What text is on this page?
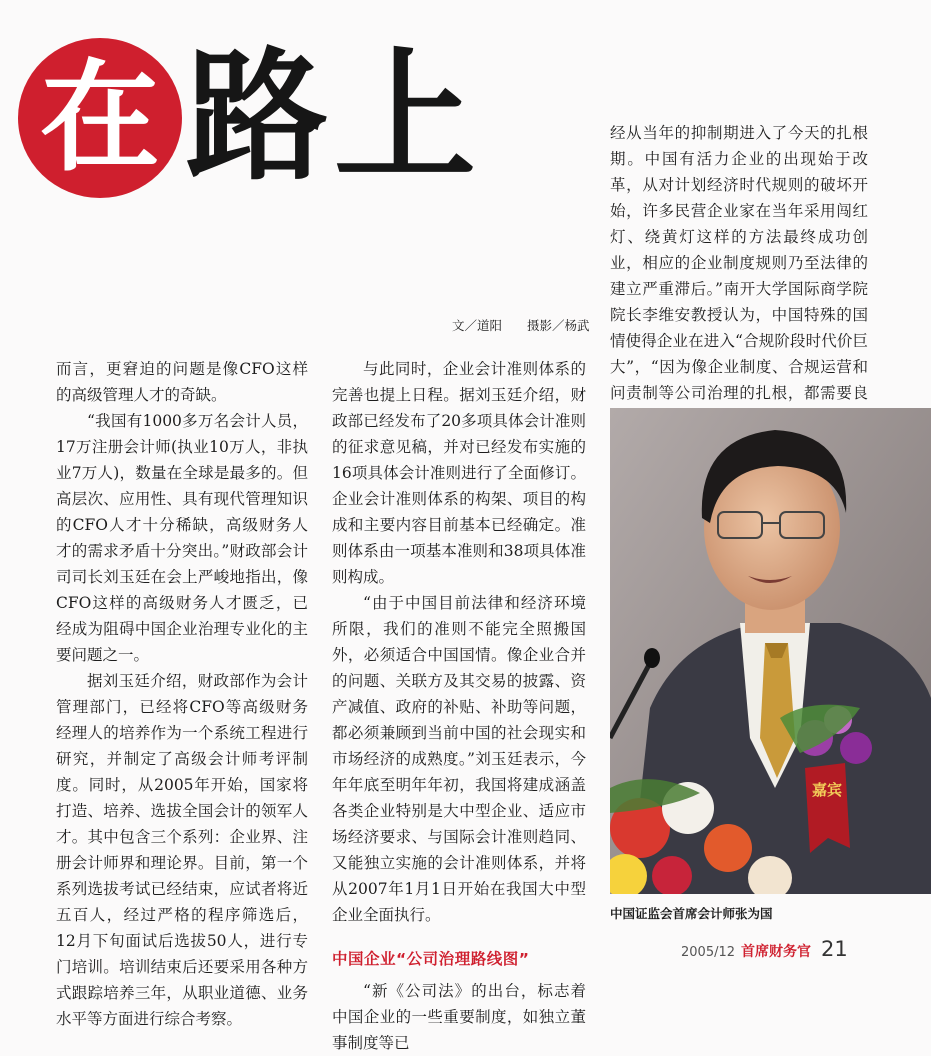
在 路上
文／道阳　　摄影／杨武

而言，更窘迫的问题是像CFO这样的高级管理人才的奇缺。

“我国有1000多万名会计人员，17万注册会计师(执业10万人，非执业7万人)，数量在全球是最多的。但高层次、应用性、具有现代管理知识的CFO人才十分稀缺，高级财务人才的需求矛盾十分突出。”财政部会计司司长刘玉廷在会上严峻地指出，像CFO这样的高级财务人才匮乏，已经成为阻碍中国企业治理专业化的主要问题之一。

据刘玉廷介绍，财政部作为会计管理部门，已经将CFO等高级财务经理人的培养作为一个系统工程进行研究，并制定了高级会计师考评制度。同时，从2005年开始，国家将打造、培养、选拔全国会计的领军人才。其中包含三个系列：企业界、注册会计师界和理论界。目前，第一个系列选拔考试已经结束，应试者将近五百人，经过严格的程序筛选后，12月下旬面试后选拔50人，进行专门培训。培训结束后还要采用各种方式跟踪培养三年，从职业道德、业务水平等方面进行综合考察。

与此同时，企业会计准则体系的完善也提上日程。据刘玉廷介绍，财政部已经发布了20多项具体会计准则的征求意见稿，并对已经发布实施的16项具体会计准则进行了全面修订。企业会计准则体系的构架、项目的构成和主要内容目前基本已经确定。准则体系由一项基本准则和38项具体准则构成。

“由于中国目前法律和经济环境所限，我们的准则不能完全照搬国外，必须适合中国国情。像企业合并的问题、关联方及其交易的披露、资产减值、政府的补贴、补助等问题，都必须兼顾到当前中国的社会现实和市场经济的成熟度。”刘玉廷表示，今年年底至明年年初，我国将建成涵盖各类企业特别是大中型企业、适应市场经济要求、与国际会计准则趋同、又能独立实施的会计准则体系，并将从2007年1月1日开始在我国大中型企业全面执行。

中国企业“公司治理路线图”

“新《公司法》的出台，标志着中国企业的一些重要制度，如独立董事制度等已

经从当年的抑制期进入了今天的扎根期。中国有活力企业的出现始于改革，从对计划经济时代规则的破坏开始，许多民营企业家在当年采用闯红灯、绕黄灯这样的方法最终成功创业，相应的企业制度规则乃至法律的建立严重滞后。”南开大学国际商学院院长李维安教授认为，中国特殊的国情使得企业在进入“合规阶段时代价巨大”，“因为像企业制度、合规运营和问责制等公司治理的扎根，都需要良

嘉宾
中国证监会首席会计师张为国
2005/12 首席财务官 21
